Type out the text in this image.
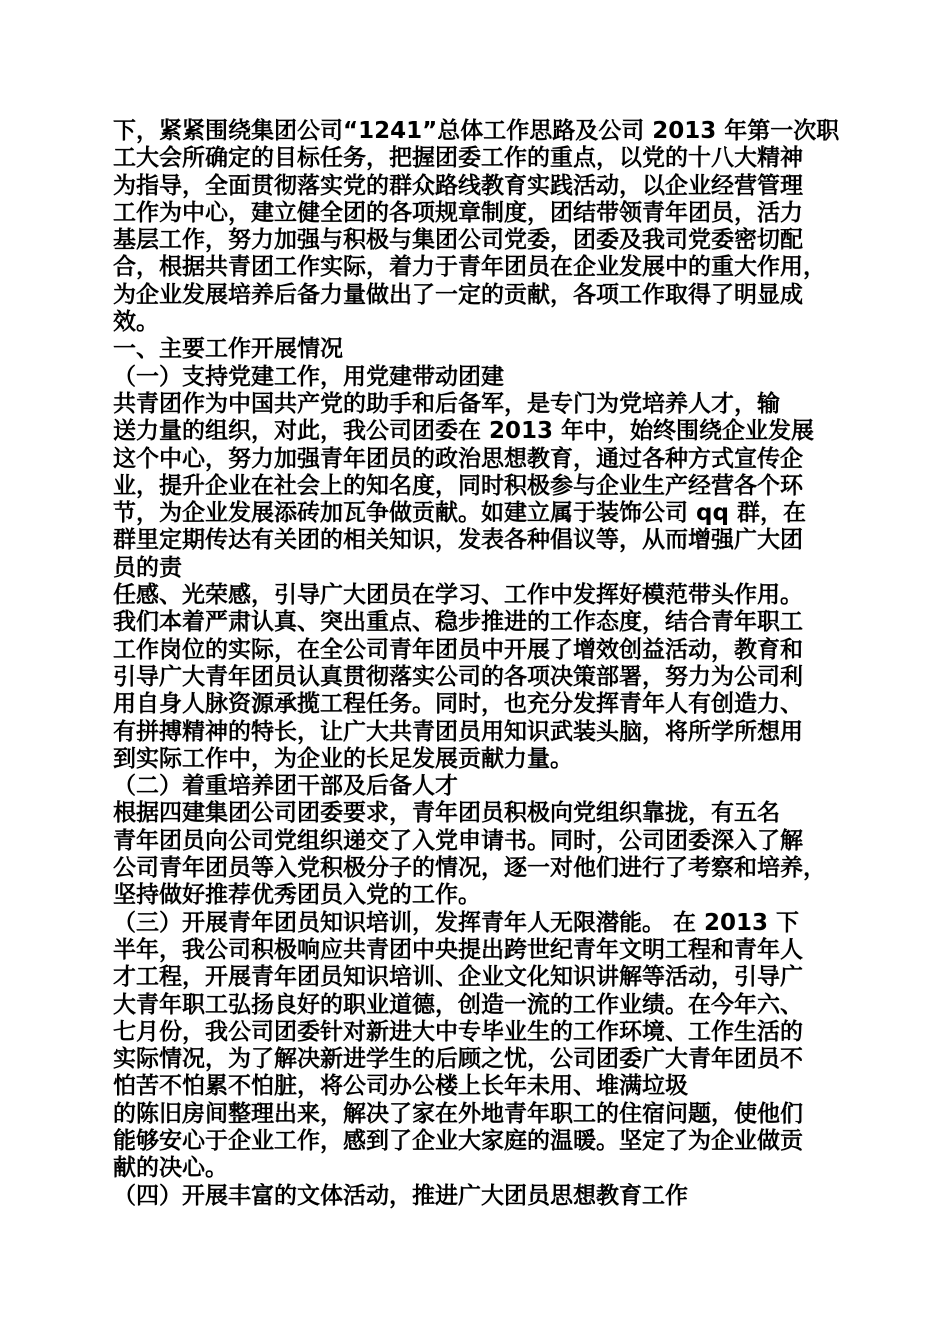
下，紧紧围绕集团公司“1241”总体工作思路及公司 2013 年第一次职
工大会所确定的目标任务，把握团委工作的重点，以党的十八大精神
为指导，全面贯彻落实党的群众路线教育实践活动，以企业经营管理
工作为中心，建立健全团的各项规章制度，团结带领青年团员，活力
基层工作，努力加强与积极与集团公司党委，团委及我司党委密切配
合，根据共青团工作实际，着力于青年团员在企业发展中的重大作用，
为企业发展培养后备力量做出了一定的贡献，各项工作取得了明显成
效。
一、主要工作开展情况
（一）支持党建工作，用党建带动团建
共青团作为中国共产党的助手和后备军，是专门为党培养人才，输
送力量的组织，对此，我公司团委在 2013 年中，始终围绕企业发展
这个中心，努力加强青年团员的政治思想教育，通过各种方式宣传企
业，提升企业在社会上的知名度，同时积极参与企业生产经营各个环
节，为企业发展添砖加瓦争做贡献。如建立属于装饰公司 qq 群，在
群里定期传达有关团的相关知识，发表各种倡议等，从而增强广大团
员的责
任感、光荣感，引导广大团员在学习、工作中发挥好模范带头作用。
我们本着严肃认真、突出重点、稳步推进的工作态度，结合青年职工
工作岗位的实际，在全公司青年团员中开展了增效创益活动，教育和
引导广大青年团员认真贯彻落实公司的各项决策部署，努力为公司利
用自身人脉资源承揽工程任务。同时，也充分发挥青年人有创造力、
有拼搏精神的特长，让广大共青团员用知识武装头脑，将所学所想用
到实际工作中，为企业的长足发展贡献力量。
（二）着重培养团干部及后备人才
根据四建集团公司团委要求，青年团员积极向党组织靠拢，有五名
青年团员向公司党组织递交了入党申请书。同时，公司团委深入了解
公司青年团员等入党积极分子的情况，逐一对他们进行了考察和培养，
坚持做好推荐优秀团员入党的工作。
（三）开展青年团员知识培训，发挥青年人无限潜能。 在 2013 下
半年，我公司积极响应共青团中央提出跨世纪青年文明工程和青年人
才工程，开展青年团员知识培训、企业文化知识讲解等活动，引导广
大青年职工弘扬良好的职业道德，创造一流的工作业绩。在今年六、
七月份，我公司团委针对新进大中专毕业生的工作环境、工作生活的
实际情况，为了解决新进学生的后顾之忧，公司团委广大青年团员不
怕苦不怕累不怕脏，将公司办公楼上长年未用、堆满垃圾
的陈旧房间整理出来，解决了家在外地青年职工的住宿问题，使他们
能够安心于企业工作，感到了企业大家庭的温暖。坚定了为企业做贡
献的决心。
（四）开展丰富的文体活动，推进广大团员思想教育工作
